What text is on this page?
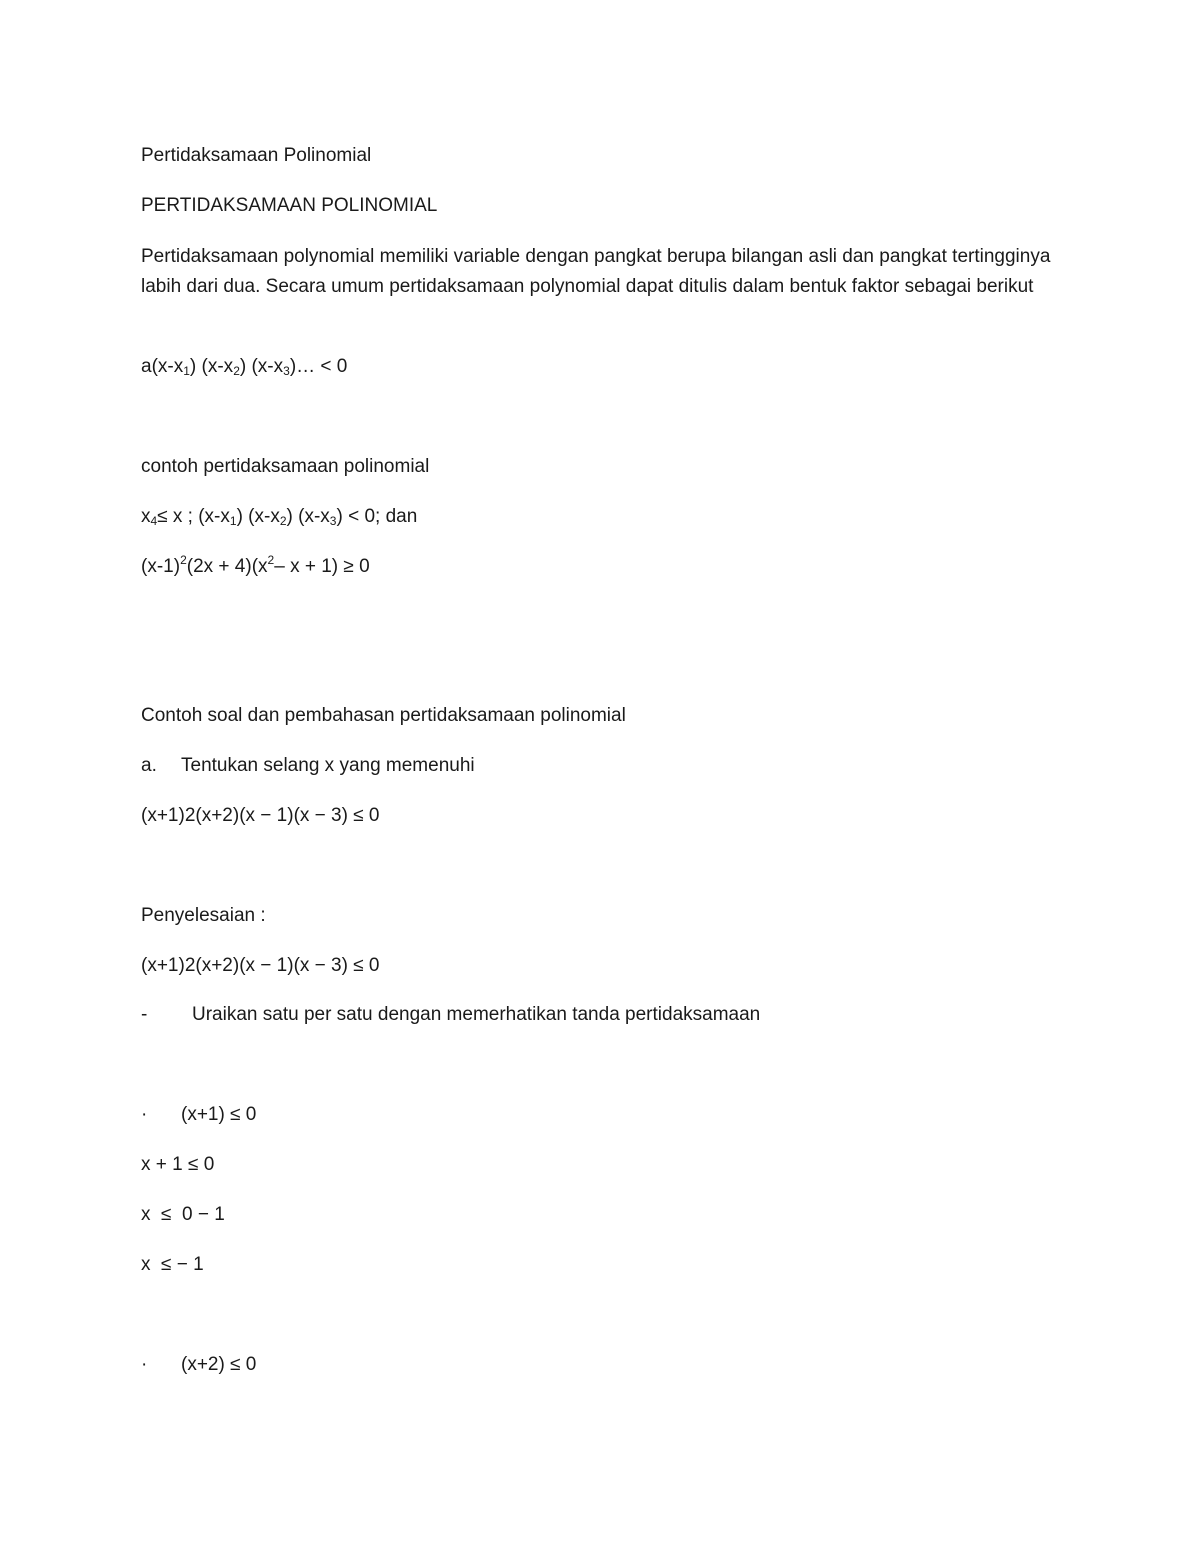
Pertidaksamaan Polinomial
PERTIDAKSAMAAN POLINOMIAL
Pertidaksamaan polynomial memiliki variable dengan pangkat berupa bilangan asli dan pangkat tertingginya labih dari dua. Secara umum pertidaksamaan polynomial dapat ditulis dalam bentuk faktor sebagai berikut
$a(x-x_1)$ $(x-x_2)$ $(x-x_3)\dots < 0$
contoh pertidaksamaan polinomial
$x_4\le x$ ; $(x-x_1)$ $(x-x_2) (x-x_3) < 0$; dan
$(x-1)^2(2x + 4)(x^2-$ x + 1) ≥ 0
Contoh soal dan pembahasan pertidaksamaan polinomial
a. Tentukan selang x yang memenuhi
(x+1)2(x+2)(x − 1)(x − 3) ≤ 0
Penyelesaian :
(x+1)2(x+2)(x − 1)(x − 3) ≤ 0
- Uraikan satu per satu dengan memerhatikan tanda pertidaksamaan
· (x+1) ≤ 0
x + 1 ≤ 0
x  ≤  0 − 1
x  ≤ − 1
· (x+2) ≤ 0
